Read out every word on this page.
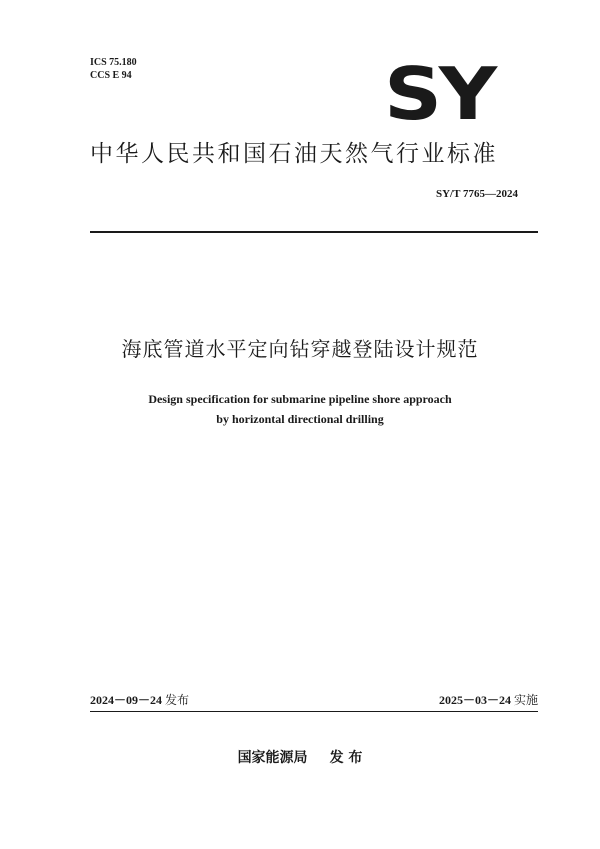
ICS 75.180
CCS E 94	SY
中华人民共和国石油天然气行业标准
SY/T 7765—2024
海底管道水平定向钻穿越登陆设计规范
Design specification for submarine pipeline shore approach
by horizontal directional drilling
2024－09－24 发布	2025－03－24 实施
国家能源局 发 布
